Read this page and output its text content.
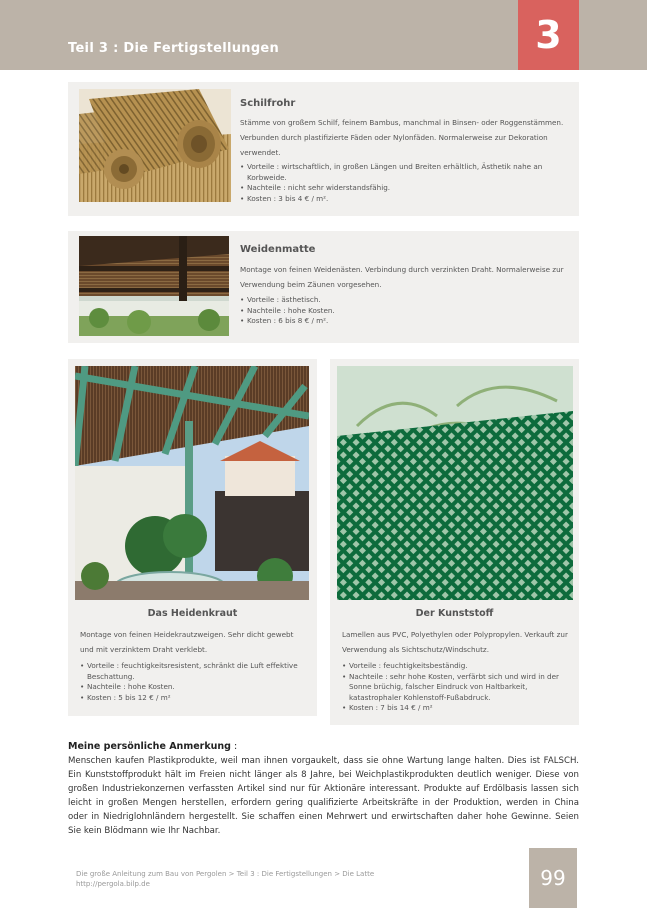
Teil 3 : Die Fertigstellungen	3
Schilfrohr
Stämme von großem Schilf, feinem Bambus, manchmal in Binsen- oder Roggenstämmen. Verbunden durch plastifizierte Fäden oder Nylonfäden. Normalerweise zur Dekoration verwendet.
• Vorteile : wirtschaftlich, in großen Längen und Breiten erhältlich, Ästhetik nahe an Korbweide.
• Nachteile : nicht sehr widerstandsfähig.
• Kosten : 3 bis 4 € / m².
Weidenmatte
Montage von feinen Weidenästen. Verbindung durch verzinkten Draht. Normalerweise zur Verwendung beim Zäunen vorgesehen.
• Vorteile : ästhetisch.
• Nachteile : hohe Kosten.
• Kosten : 6 bis 8 € / m².
Das Heidenkraut
Montage von feinen Heidekrautzweigen. Sehr dicht gewebt und mit verzinktem Draht verklebt.
• Vorteile : feuchtigkeitsresistent, schränkt die Luft effektive Beschattung.
• Nachteile : hohe Kosten.
• Kosten : 5 bis 12 € / m²
Der Kunststoff
Lamellen aus PVC, Polyethylen oder Polypropylen. Verkauft zur Verwendung als Sichtschutz/Windschutz.
• Vorteile : feuchtigkeitsbeständig.
• Nachteile : sehr hohe Kosten, verfärbt sich und wird in der Sonne brüchig, falscher Eindruck von Haltbarkeit, katastrophaler Kohlenstoff-Fußabdruck.
• Kosten : 7 bis 14 € / m²
Meine persönliche Anmerkung :
Menschen kaufen Plastikprodukte, weil man ihnen vorgaukelt, dass sie ohne Wartung lange halten. Dies ist FALSCH. Ein Kunststoffprodukt hält im Freien nicht länger als 8 Jahre, bei Weichplastikprodukten deutlich weniger. Diese von großen Industriekonzernen verfassten Artikel sind nur für Aktionäre interessant. Produkte auf Erdölbasis lassen sich leicht in großen Mengen herstellen, erfordern gering qualifizierte Arbeitskräfte in der Produktion, werden in China oder in Niedriglohnländern hergestellt. Sie schaffen einen Mehrwert und erwirtschaften daher hohe Gewinne. Seien Sie kein Blödmann wie Ihr Nachbar.
Die große Anleitung zum Bau von Pergolen > Teil 3 : Die Fertigstellungen > Die Latte
http://pergola.bilp.de	99
